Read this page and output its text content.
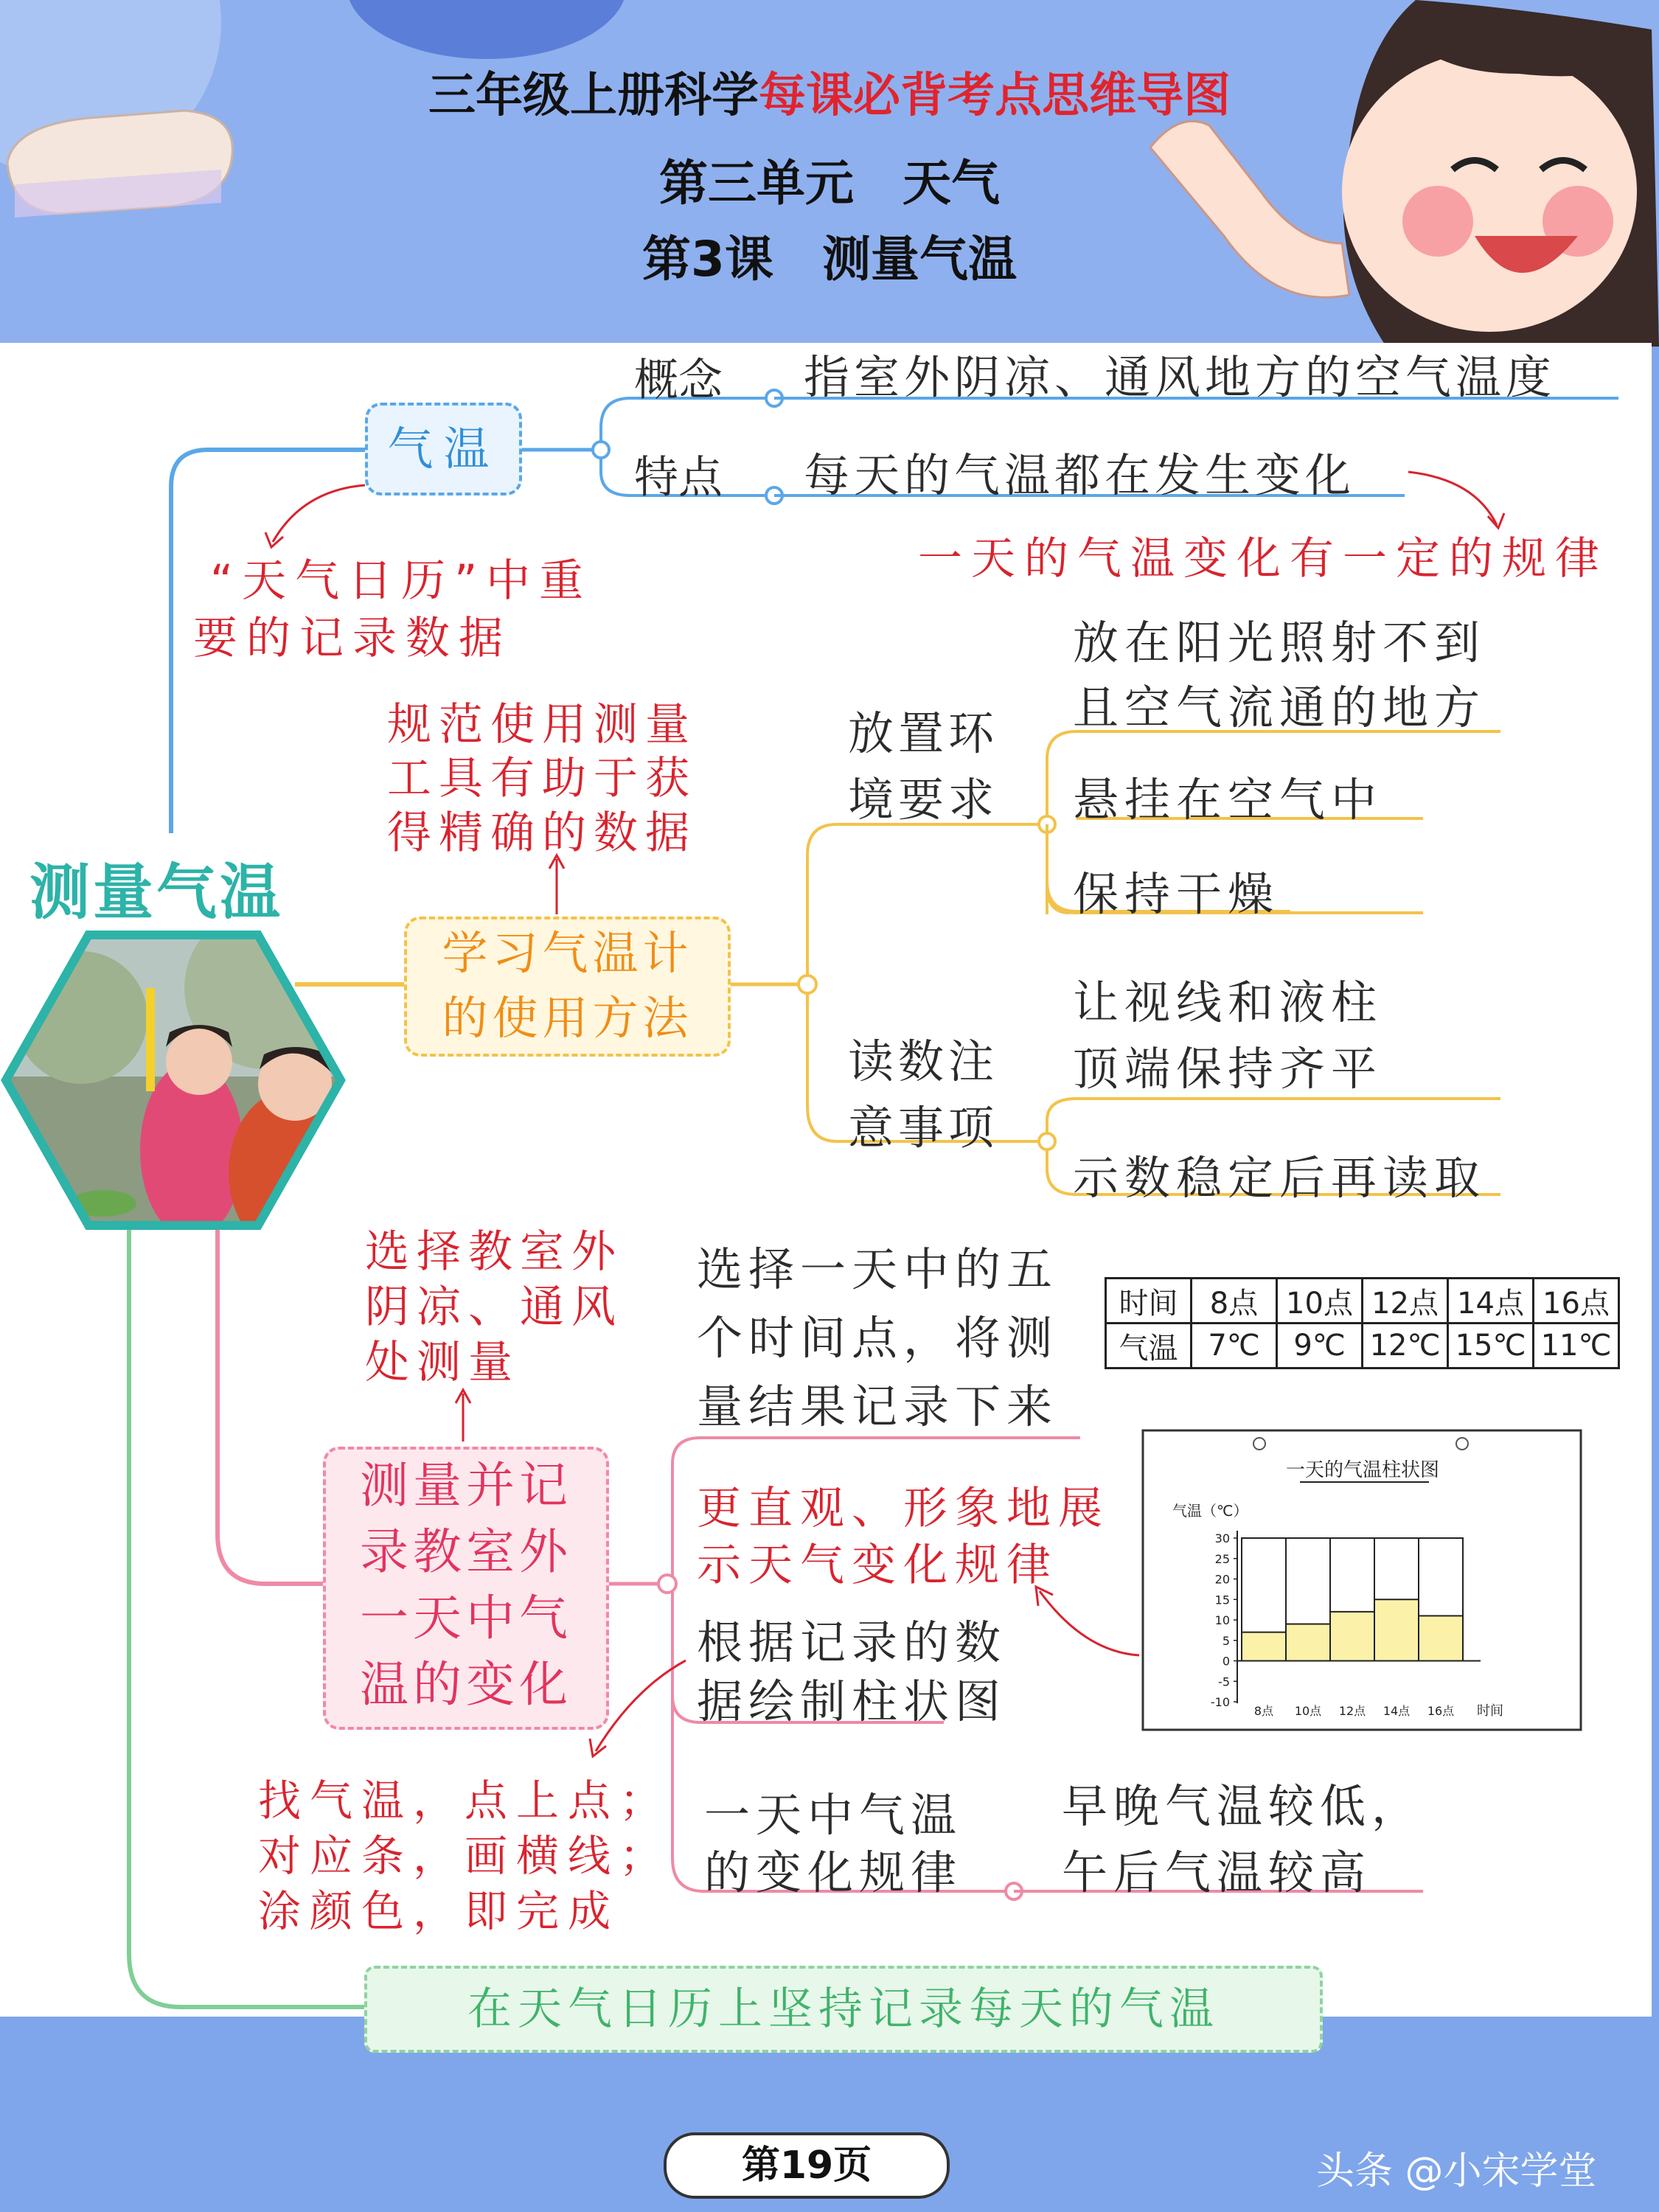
三年级上册科学每课必背考点思维导图
第三单元　天气
第3课　测量气温
测量气温
气温
概念 指室外阴凉、通风地方的空气温度
特点 每天的气温都在发生变化
一天的气温变化有一定的规律
“天气日历”中重
要的记录数据
规范使用测量
工具有助于获
得精确的数据
学习气温计
的使用方法
放置环
境要求
放在阳光照射不到
且空气流通的地方
悬挂在空气中
保持干燥
读数注
意事项
让视线和液柱
顶端保持齐平
示数稳定后再读取
选择教室外
阴凉、通风
处测量
测量并记
录教室外
一天中气
温的变化
选择一天中的五
个时间点，将测
量结果记录下来
更直观、形象地展
示天气变化规律
根据记录的数
据绘制柱状图
一天中气温
的变化规律
早晚气温较低，
午后气温较高
找气温，点上点；
对应条，画横线；
涂颜色，即完成
时间	8点	10点	12点	14点	16点
气温	7℃	9℃	12℃	15℃	11℃
一天的气温柱状图
气温（℃）
时间
30
25
20
15
10
5
0
-5
-10
8点 10点 12点 14点 16点
在天气日历上坚持记录每天的气温
第19页	头条 @小宋学堂
